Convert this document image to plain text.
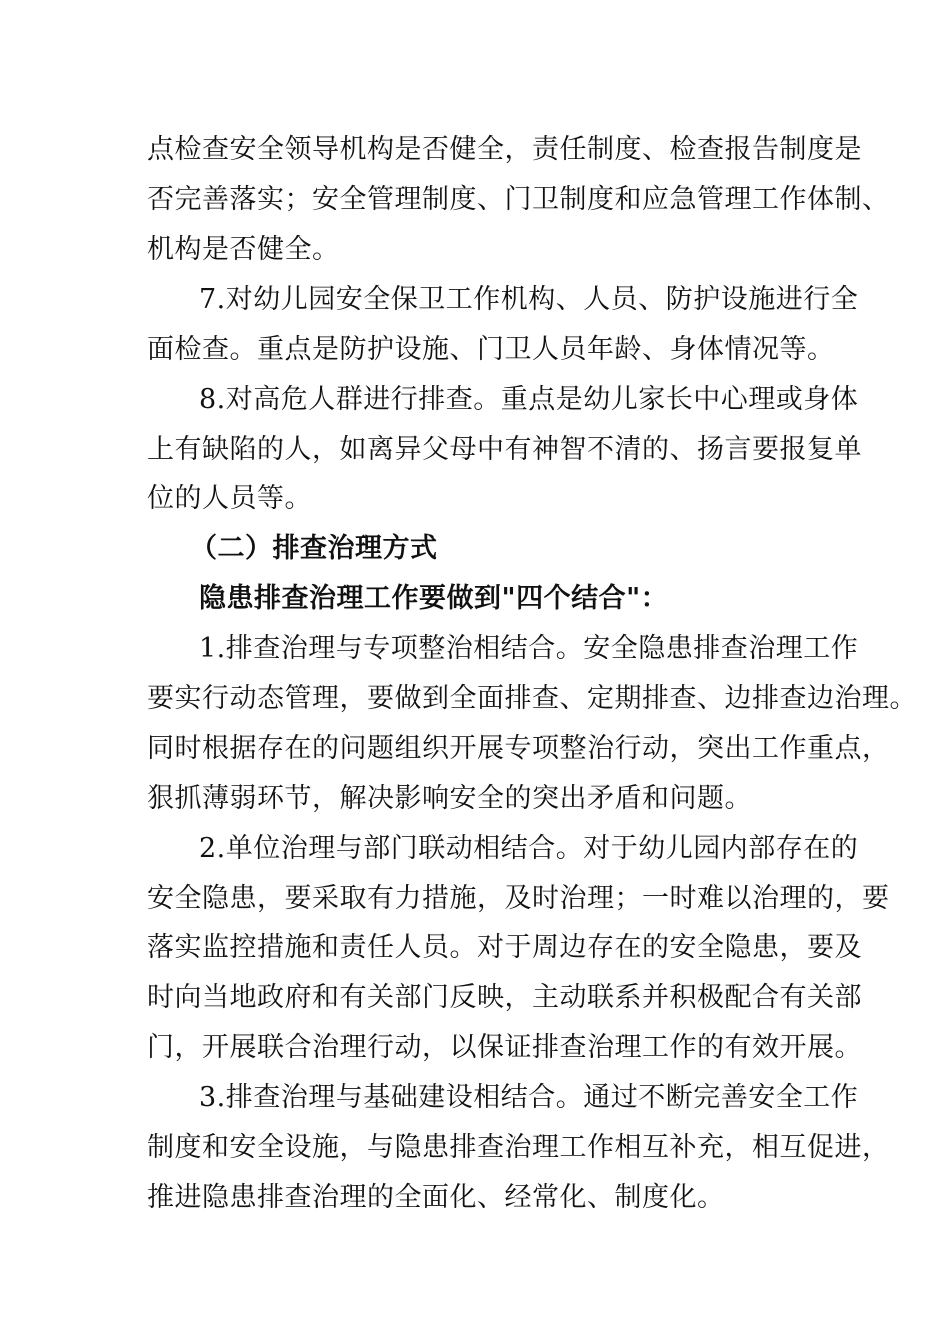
点检查安全领导机构是否健全，责任制度、检查报告制度是
否完善落实；安全管理制度、门卫制度和应急管理工作体制、
机构是否健全。
7.对幼儿园安全保卫工作机构、人员、防护设施进行全
面检查。重点是防护设施、门卫人员年龄、身体情况等。
8.对高危人群进行排查。重点是幼儿家长中心理或身体
上有缺陷的人，如离异父母中有神智不清的、扬言要报复单
位的人员等。
（二）排查治理方式
隐患排查治理工作要做到"四个结合"：
1.排查治理与专项整治相结合。安全隐患排查治理工作
要实行动态管理，要做到全面排查、定期排查、边排查边治理。
同时根据存在的问题组织开展专项整治行动，突出工作重点，
狠抓薄弱环节，解决影响安全的突出矛盾和问题。
2.单位治理与部门联动相结合。对于幼儿园内部存在的
安全隐患，要采取有力措施，及时治理；一时难以治理的，要
落实监控措施和责任人员。对于周边存在的安全隐患，要及
时向当地政府和有关部门反映，主动联系并积极配合有关部
门，开展联合治理行动，以保证排查治理工作的有效开展。
3.排查治理与基础建设相结合。通过不断完善安全工作
制度和安全设施，与隐患排查治理工作相互补充，相互促进，
推进隐患排查治理的全面化、经常化、制度化。
